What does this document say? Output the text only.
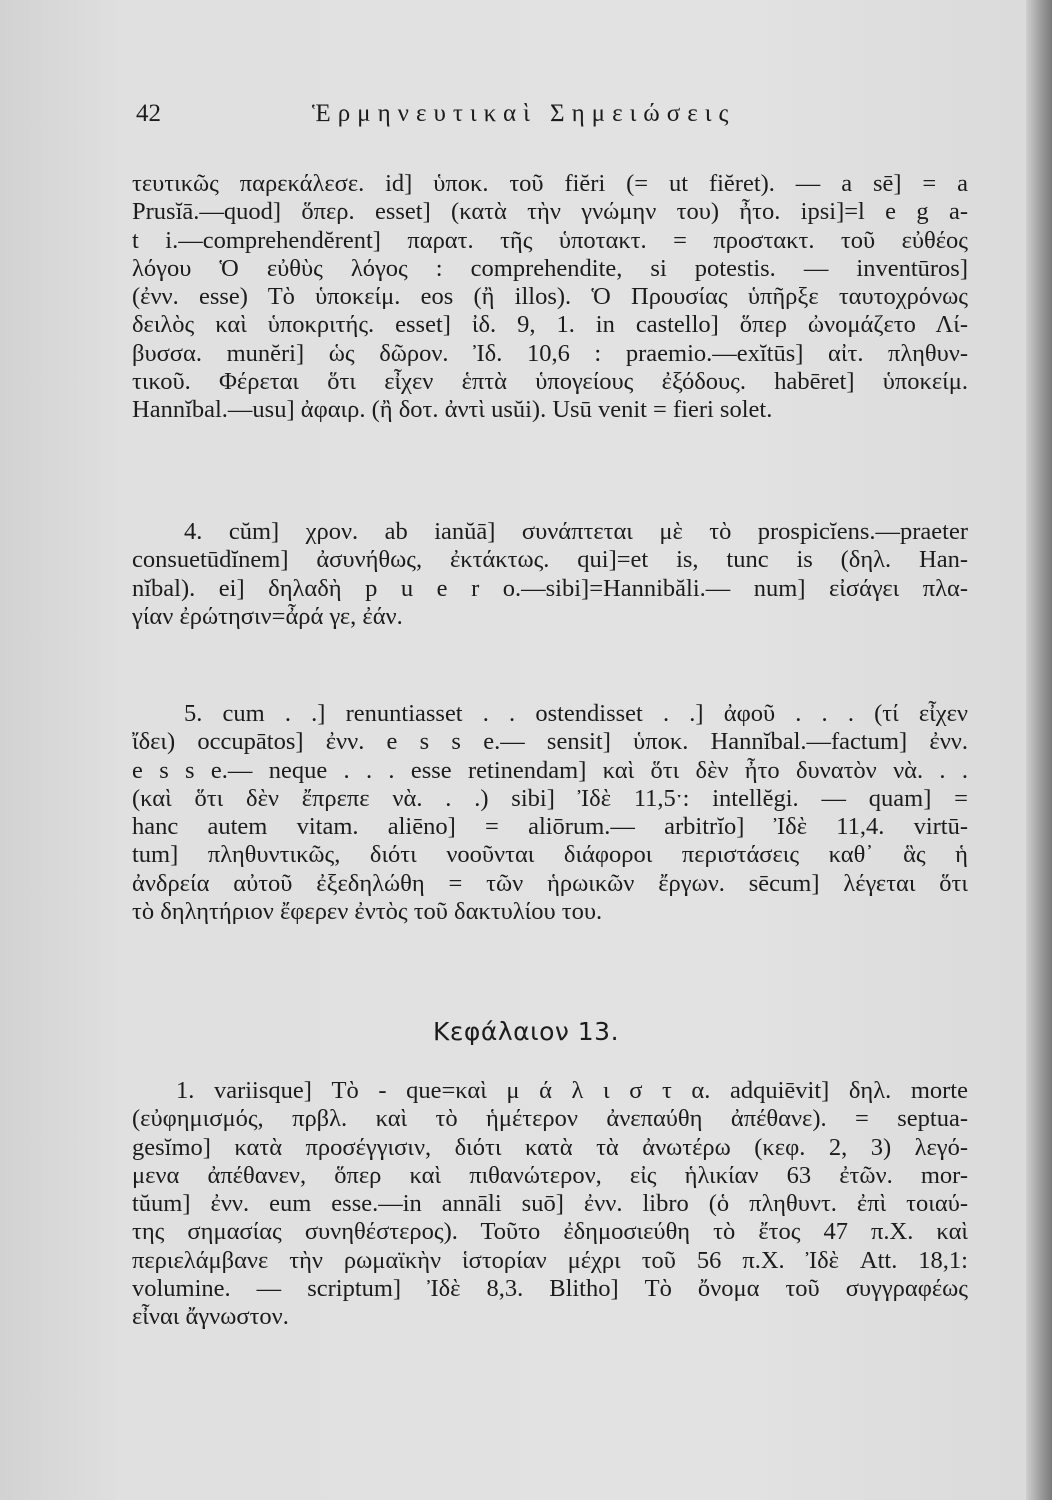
42	Ἑρμηνευτικαὶ Σημειώσεις
τευτικῶς παρεκάλεσε. id] ὑποκ. τοῦ fiĕri (= ut fiĕret). — a sē] = a
Prusĭā.—quod] ὅπερ. esset] (κατὰ τὴν γνώμην του) ἦτο. ipsi]=l e g a-
t i.—comprehendĕrent] παρατ. τῆς ὑποτακτ. = προστακτ. τοῦ εὐθέος
λόγου Ὁ εὐθὺς λόγος : comprehendite, si potestis. — inventūros]
(ἐνν. esse) Τὸ ὑποκείμ. eos (ἢ illos). Ὁ Προυσίας ὑπῆρξε ταυτοχρόνως
δειλὸς καὶ ὑποκριτής. esset] ἰδ. 9, 1. in castello] ὅπερ ὠνομάζετο Λί-
βυσσα. munĕri] ὡς δῶρον. Ἰδ. 10,6 : praemio.—exĭtūs] αἰτ. πληθυν-
τικοῦ. Φέρεται ὅτι εἶχεν ἑπτὰ ὑπογείους ἐξόδους. habēret] ὑποκείμ.
Hannĭbal.—usu] ἀφαιρ. (ἢ δοτ. ἀντὶ usŭi). Usū venit = fieri solet.
4. cŭm] χρον. ab ianŭā] συνάπτεται μὲ τὸ prospicĭens.—praeter
consuetūdĭnem] ἀσυνήθως, ἐκτάκτως. qui]=et is, tunc is (δηλ. Han-
nĭbal). ei] δηλαδὴ p u e r o.—sibi]=Hannibăli.— num] εἰσάγει πλα-
γίαν ἐρώτησιν=ἆρά γε, ἐάν.
5. cum . .] renuntiasset . . ostendisset . .] ἀφοῦ . . . (τί εἶχεν
ἴδει) occupātos] ἐνν. e s s e.— sensit] ὑποκ. Hannĭbal.—factum] ἐνν.
e s s e.— neque . . . esse retinendam] καὶ ὅτι δὲν ἦτο δυνατὸν νὰ. . .
(καὶ ὅτι δὲν ἔπρεπε νὰ. . .) sibi] Ἰδὲ 11,5ˑ: intellĕgi. — quam] =
hanc autem vitam. aliēno] = aliōrum.— arbitrĭo] Ἰδὲ 11,4. virtū-
tum] πληθυντικῶς, διότι νοοῦνται διάφοροι περιστάσεις καθ᾽ ἃς ἡ
ἀνδρεία αὐτοῦ ἐξεδηλώθη = τῶν ἡρωικῶν ἔργων. sēcum] λέγεται ὅτι
τὸ δηλητήριον ἔφερεν ἐντὸς τοῦ δακτυλίου του.
Κεφάλαιον 13.
1. variisque] Τὸ - que=καὶ μ ά λ ι σ τ α. adquiēvit] δηλ. morte
(εὐφημισμός, πρβλ. καὶ τὸ ἡμέτερον ἀνεπαύθη ἀπέθανε). = septua-
gesĭmo] κατὰ προσέγγισιν, διότι κατὰ τὰ ἀνωτέρω (κεφ. 2, 3) λεγό-
μενα ἀπέθανεν, ὅπερ καὶ πιθανώτερον, εἰς ἡλικίαν 63 ἐτῶν. mor-
tŭum] ἐνν. eum esse.—in annāli suō] ἐνν. libro (ὁ πληθυντ. ἐπὶ τοιαύ-
της σημασίας συνηθέστερος). Τοῦτο ἐδημοσιεύθη τὸ ἔτος 47 π.Χ. καὶ
περιελάμβανε τὴν ρωμαϊκὴν ἱστορίαν μέχρι τοῦ 56 π.Χ. Ἰδὲ Att. 18,1:
volumine. — scriptum] Ἰδὲ 8,3. Blitho] Τὸ ὄνομα τοῦ συγγραφέως
εἶναι ἄγνωστον.
